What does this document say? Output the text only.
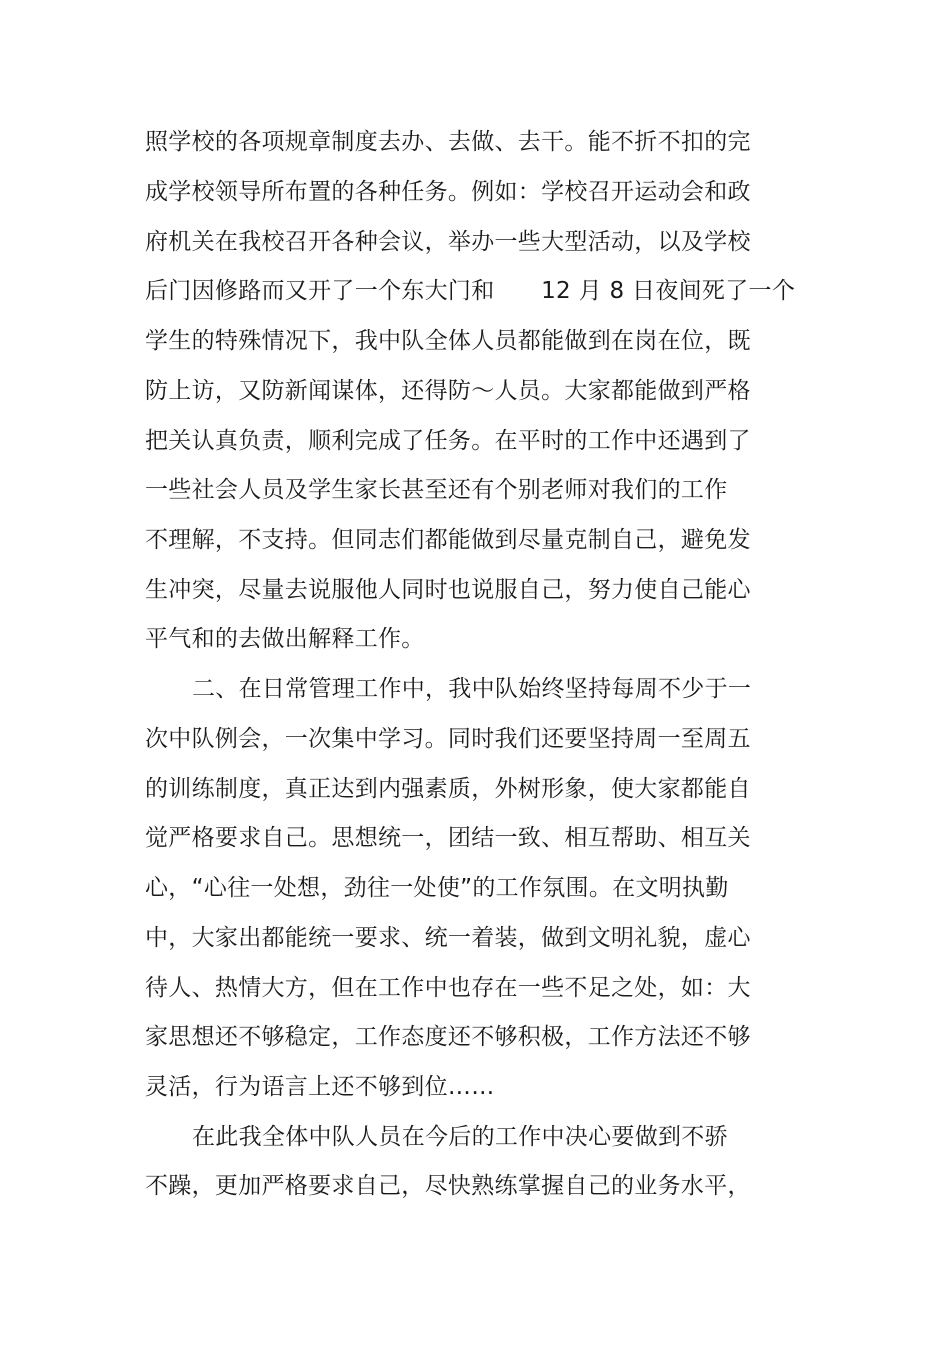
照学校的各项规章制度去办、去做、去干。能不折不扣的完
成学校领导所布置的各种任务。例如：学校召开运动会和政
府机关在我校召开各种会议，举办一些大型活动，以及学校
后门因修路而又开了一个东大门和　　12 月 8 日夜间死了一个
学生的特殊情况下，我中队全体人员都能做到在岗在位，既
防上访，又防新闻谋体，还得防～人员。大家都能做到严格
把关认真负责，顺利完成了任务。在平时的工作中还遇到了
一些社会人员及学生家长甚至还有个别老师对我们的工作
不理解，不支持。但同志们都能做到尽量克制自己，避免发
生冲突，尽量去说服他人同时也说服自己，努力使自己能心
平气和的去做出解释工作。
二、在日常管理工作中，我中队始终坚持每周不少于一
次中队例会，一次集中学习。同时我们还要坚持周一至周五
的训练制度，真正达到内强素质，外树形象，使大家都能自
觉严格要求自己。思想统一，团结一致、相互帮助、相互关
心，“心往一处想，劲往一处使”的工作氛围。在文明执勤
中，大家出都能统一要求、统一着装，做到文明礼貌，虚心
待人、热情大方，但在工作中也存在一些不足之处，如：大
家思想还不够稳定，工作态度还不够积极，工作方法还不够
灵活，行为语言上还不够到位……
在此我全体中队人员在今后的工作中决心要做到不骄
不躁，更加严格要求自己，尽快熟练掌握自己的业务水平，
